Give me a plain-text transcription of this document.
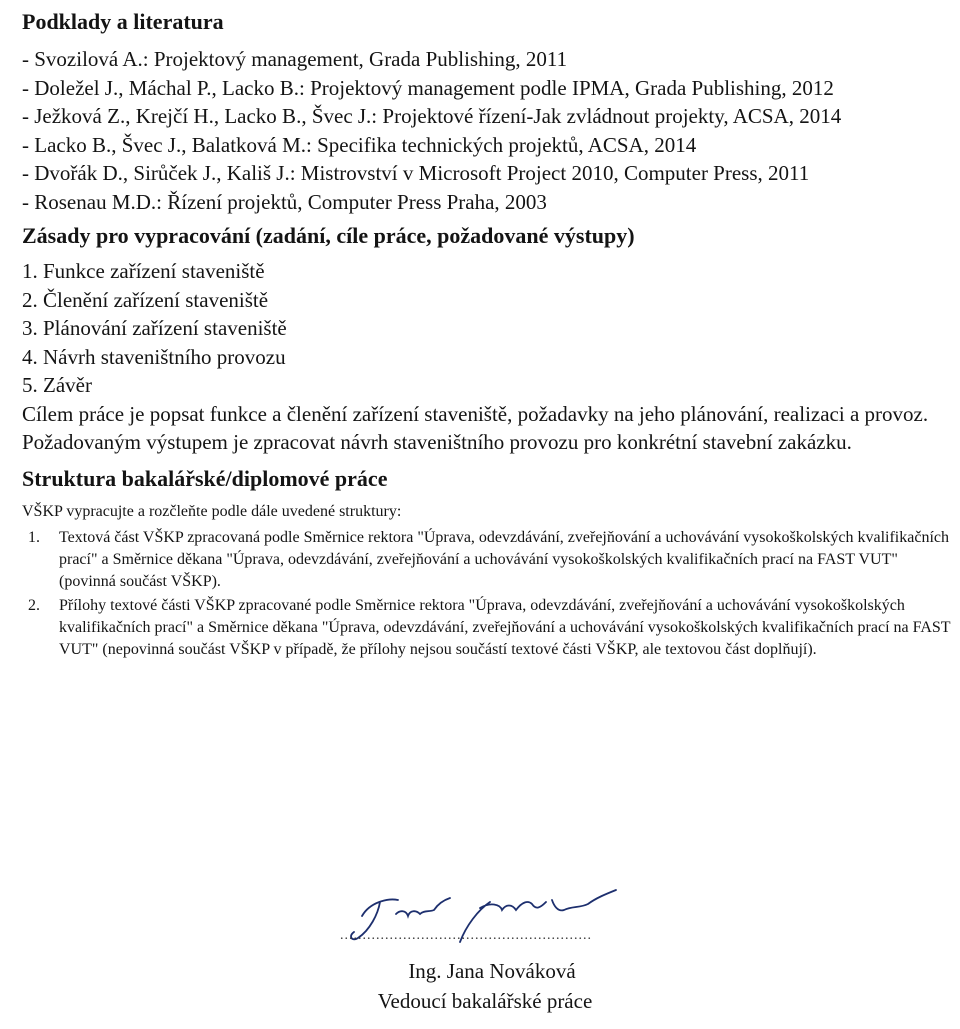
Podklady a literatura

- Svozilová A.: Projektový management, Grada Publishing, 2011

- Doležel J., Máchal P., Lacko B.: Projektový management podle IPMA, Grada Publishing, 2012

- Ježková Z., Krejčí H., Lacko B., Švec J.: Projektové řízení-Jak zvládnout projekty, ACSA, 2014

- Lacko B., Švec J., Balatková M.: Specifika technických projektů, ACSA, 2014

- Dvořák D., Sirůček J., Kališ J.: Mistrovství v Microsoft Project 2010, Computer Press, 2011

- Rosenau M.D.: Řízení projektů, Computer Press Praha, 2003

Zásady pro vypracování (zadání, cíle práce, požadované výstupy)

1. Funkce zařízení staveniště

2. Členění zařízení staveniště

3. Plánování zařízení staveniště

4. Návrh staveništního provozu

5. Závěr

Cílem práce je popsat funkce a členění zařízení staveniště, požadavky na jeho plánování, realizaci a provoz.

Požadovaným výstupem je zpracovat návrh staveništního provozu pro konkrétní stavební zakázku.

Struktura bakalářské/diplomové práce

VŠKP vypracujte a rozčleňte podle dále uvedené struktury:

1. Textová část VŠKP zpracovaná podle Směrnice rektora "Úprava, odevzdávání, zveřejňování a uchovávání vysokoškolských kvalifikačních prací" a Směrnice děkana "Úprava, odevzdávání, zveřejňování a uchovávání vysokoškolských kvalifikačních prací na FAST VUT" (povinná součást VŠKP).
2. Přílohy textové části VŠKP zpracované podle Směrnice rektora "Úprava, odevzdávání, zveřejňování a uchovávání vysokoškolských kvalifikačních prací" a Směrnice děkana "Úprava, odevzdávání, zveřejňování a uchovávání vysokoškolských kvalifikačních prací na FAST VUT" (nepovinná součást VŠKP v případě, že přílohy nejsou součástí textové části VŠKP, ale textovou část doplňují).
........................................................
Ing. Jana Nováková
Vedoucí bakalářské práce
